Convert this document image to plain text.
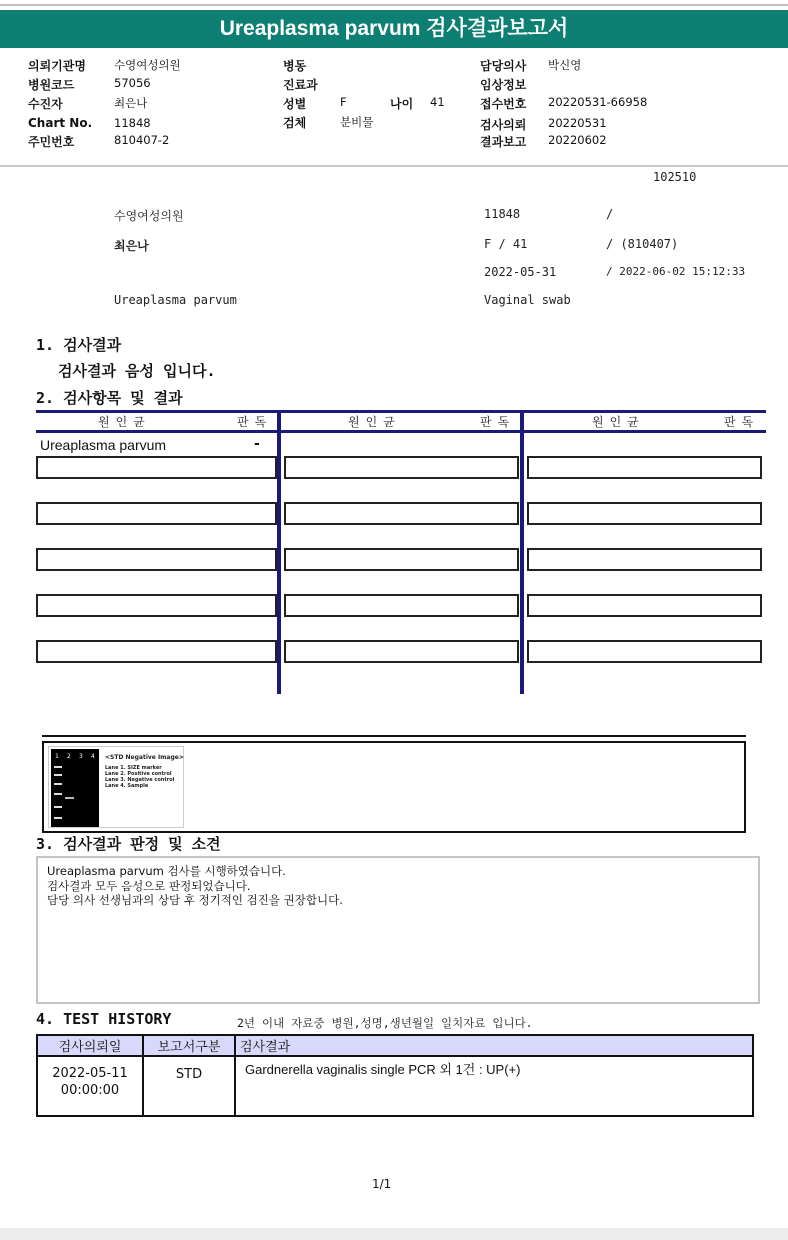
Ureaplasma parvum 검사결과보고서
의뢰기관명 수영여성의원
병원코드	57056
수진자	최은나
Chart No. 11848
주민번호	810407-2
병동
진료과
성별	F	나이 41
검체	분비물
담당의사 박신영
임상정보
접수번호 20220531-66958
검사의뢰 20220531
결과보고 20220602
102510
수영여성의원	11848	/
최은나	F / 41	/ (810407)
2022-05-31	/ 2022-06-02 15:12:33
Ureaplasma parvum	Vaginal swab
1. 검사결과
검사결과 음성 입니다.
2. 검사항목 및 결과
원인균	판독	원인균	판독	원인균	판독
Ureaplasma parvum	-
1 2 3 4 <STD Negative Image>
Lane 1. SIZE marker
Lane 2. Positive control
Lane 3. Negative control
Lane 4. Sample
3. 검사결과 판정 및 소견
Ureaplasma parvum 검사를 시행하였습니다.
검사결과 모두 음성으로 판정되었습니다.
담당 의사 선생님과의 상담 후 정기적인 검진을 권장합니다.
4. TEST HISTORY	2년 이내 자료중 병원,성명,생년월일 일치자료 입니다.
검사의뢰일	보고서구분	검사결과

2022-05-11
00:00:00	STD	Gardnerella vaginalis single PCR 외 1건 : UP(+)
1/1
